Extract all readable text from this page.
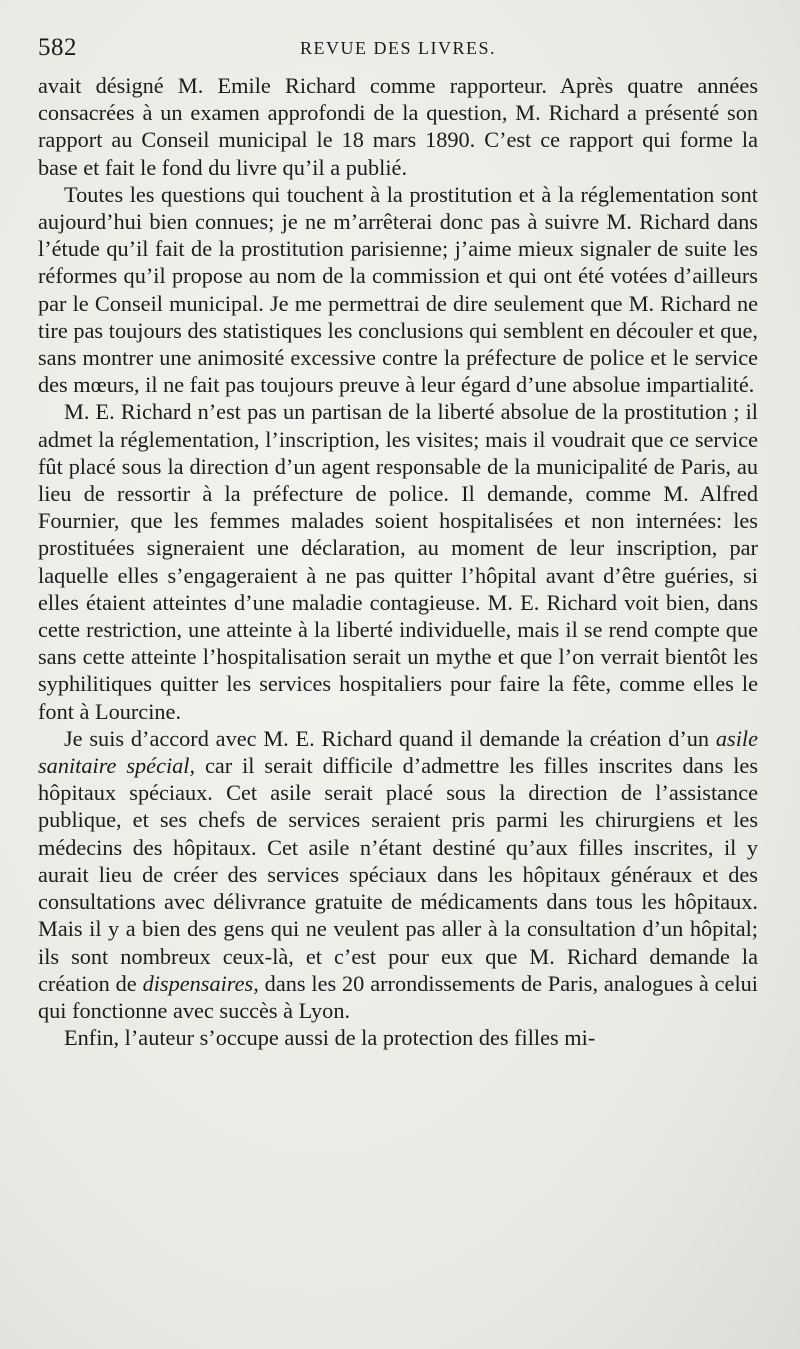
582	REVUE DES LIVRES.

avait désigné M. Emile Richard comme rapporteur. Après quatre années consacrées à un examen approfondi de la question, M. Richard a présenté son rapport au Conseil municipal le 18 mars 1890. C’est ce rapport qui forme la base et fait le fond du livre qu’il a publié.

Toutes les questions qui touchent à la prostitution et à la réglementation sont aujourd’hui bien connues; je ne m’arrêterai donc pas à suivre M. Richard dans l’étude qu’il fait de la prostitution parisienne; j’aime mieux signaler de suite les réformes qu’il propose au nom de la commission et qui ont été votées d’ailleurs par le Conseil municipal. Je me permettrai de dire seulement que M. Richard ne tire pas toujours des statistiques les conclusions qui semblent en découler et que, sans montrer une animosité excessive contre la préfecture de police et le service des mœurs, il ne fait pas toujours preuve à leur égard d’une absolue impartialité.

M. E. Richard n’est pas un partisan de la liberté absolue de la prostitution ; il admet la réglementation, l’inscription, les visites; mais il voudrait que ce service fût placé sous la direction d’un agent responsable de la municipalité de Paris, au lieu de ressortir à la préfecture de police. Il demande, comme M. Alfred Fournier, que les femmes malades soient hospitalisées et non internées: les prostituées signeraient une déclaration, au moment de leur inscription, par laquelle elles s’engageraient à ne pas quitter l’hôpital avant d’être guéries, si elles étaient atteintes d’une maladie contagieuse. M. E. Richard voit bien, dans cette restriction, une atteinte à la liberté individuelle, mais il se rend compte que sans cette atteinte l’hospitalisation serait un mythe et que l’on verrait bientôt les syphilitiques quitter les services hospitaliers pour faire la fête, comme elles le font à Lourcine.

Je suis d’accord avec M. E. Richard quand il demande la création d’un asile sanitaire spécial, car il serait difficile d’admettre les filles inscrites dans les hôpitaux spéciaux. Cet asile serait placé sous la direction de l’assistance publique, et ses chefs de services seraient pris parmi les chirurgiens et les médecins des hôpitaux. Cet asile n’étant destiné qu’aux filles inscrites, il y aurait lieu de créer des services spéciaux dans les hôpitaux généraux et des consultations avec délivrance gratuite de médicaments dans tous les hôpitaux. Mais il y a bien des gens qui ne veulent pas aller à la consultation d’un hôpital; ils sont nombreux ceux-là, et c’est pour eux que M. Richard demande la création de dispensaires, dans les 20 arrondissements de Paris, analogues à celui qui fonctionne avec succès à Lyon.

Enfin, l’auteur s’occupe aussi de la protection des filles mi-
